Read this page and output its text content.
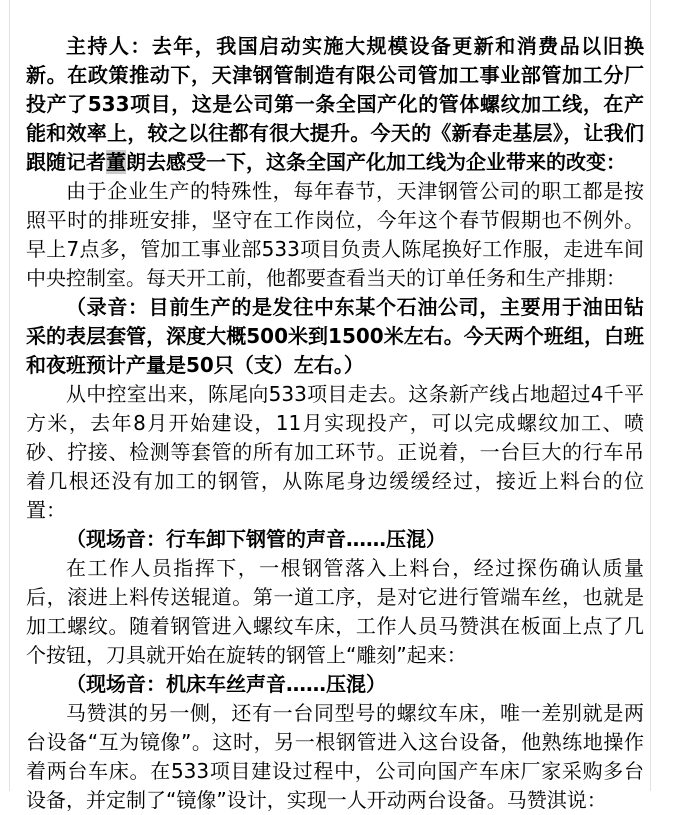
主持人：去年，我国启动实施大规模设备更新和消费品以旧换新。在政策推动下，天津钢管制造有限公司管加工事业部管加工分厂投产了533项目，这是公司第一条全国产化的管体螺纹加工线，在产能和效率上，较之以往都有很大提升。今天的《新春走基层》，让我们跟随记者董朗去感受一下，这条全国产化加工线为企业带来的改变：

由于企业生产的特殊性，每年春节，天津钢管公司的职工都是按照平时的排班安排，坚守在工作岗位，今年这个春节假期也不例外。早上7点多，管加工事业部533项目负责人陈尾换好工作服，走进车间中央控制室。每天开工前，他都要查看当天的订单任务和生产排期：

（录音：目前生产的是发往中东某个石油公司，主要用于油田钻采的表层套管，深度大概500米到1500米左右。今天两个班组，白班和夜班预计产量是50只（支）左右。）

从中控室出来，陈尾向533项目走去。这条新产线占地超过4千平方米，去年8月开始建设，11月实现投产，可以完成螺纹加工、喷砂、拧接、检测等套管的所有加工环节。正说着，一台巨大的行车吊着几根还没有加工的钢管，从陈尾身边缓缓经过，接近上料台的位置：

（现场音：行车卸下钢管的声音……压混）

在工作人员指挥下，一根钢管落入上料台，经过探伤确认质量后，滚进上料传送辊道。第一道工序，是对它进行管端车丝，也就是加工螺纹。随着钢管进入螺纹车床，工作人员马赞淇在板面上点了几个按钮，刀具就开始在旋转的钢管上“雕刻”起来：

（现场音：机床车丝声音……压混）

马赞淇的另一侧，还有一台同型号的螺纹车床，唯一差别就是两台设备“互为镜像”。这时，另一根钢管进入这台设备，他熟练地操作着两台车床。在533项目建设过程中，公司向国产车床厂家采购多台设备，并定制了“镜像”设计，实现一人开动两台设备。马赞淇说：
